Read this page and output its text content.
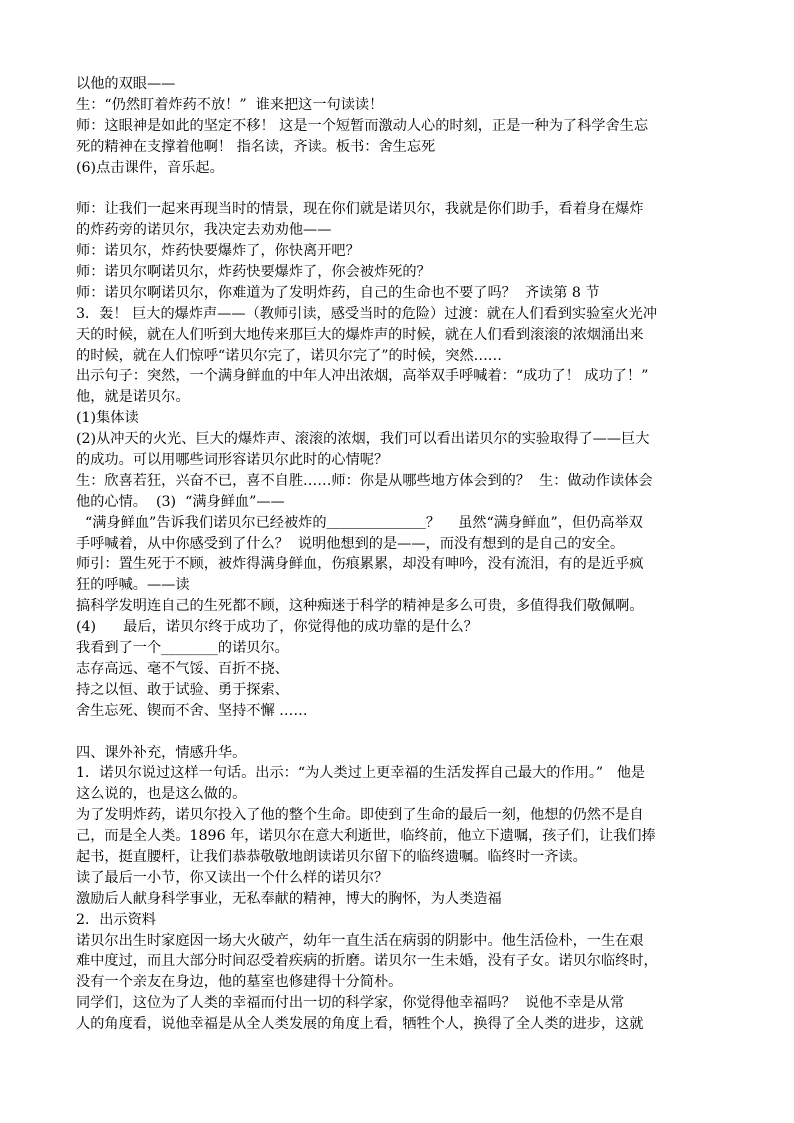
以他的双眼——
生：“仍然盯着炸药不放！”  谁来把这一句读读！
师：这眼神是如此的坚定不移！ 这是一个短暂而激动人心的时刻，正是一种为了科学舍生忘
死的精神在支撑着他啊！ 指名读，齐读。板书：舍生忘死
(6)点击课件，音乐起。
师：让我们一起来再现当时的情景，现在你们就是诺贝尔，我就是你们助手，看着身在爆炸
的炸药旁的诺贝尔，我决定去劝劝他——
师：诺贝尔，炸药快要爆炸了，你快离开吧？
师：诺贝尔啊诺贝尔，炸药快要爆炸了，你会被炸死的？
师：诺贝尔啊诺贝尔，你难道为了发明炸药，自己的生命也不要了吗？  齐读第 8 节
3．轰！ 巨大的爆炸声——（教师引读，感受当时的危险）过渡：就在人们看到实验室火光冲
天的时候，就在人们听到大地传来那巨大的爆炸声的时候，就在人们看到滚滚的浓烟涌出来
的时候，就在人们惊呼“诺贝尔完了，诺贝尔完了”的时候，突然……
出示句子：突然，一个满身鲜血的中年人冲出浓烟，高举双手呼喊着：“成功了！ 成功了！”
他，就是诺贝尔。
(1)集体读
(2)从冲天的火光、巨大的爆炸声、滚滚的浓烟，我们可以看出诺贝尔的实验取得了——巨大
的成功。可以用哪些词形容诺贝尔此时的心情呢？
生：欣喜若狂，兴奋不已，喜不自胜……师：你是从哪些地方体会到的？  生：做动作读体会
他的心情。  (3)  “满身鲜血”——
“满身鲜血”告诉我们诺贝尔已经被炸的＿＿＿＿＿＿＿？    虽然“满身鲜血”，但仍高举双
手呼喊着，从中你感受到了什么？  说明他想到的是——，而没有想到的是自己的安全。
师引：置生死于不顾，被炸得满身鲜血，伤痕累累，却没有呻吟，没有流泪，有的是近乎疯
狂的呼喊。——读
搞科学发明连自己的生死都不顾，这种痴迷于科学的精神是多么可贵，多值得我们敬佩啊。
(4)      最后，诺贝尔终于成功了，你觉得他的成功靠的是什么？
我看到了一个________的诺贝尔。
志存高远、毫不气馁、百折不挠、
持之以恒、敢于试验、勇于探索、
舍生忘死、锲而不舍、坚持不懈 ……
四、课外补充，情感升华。
1．诺贝尔说过这样一句话。出示：“为人类过上更幸福的生活发挥自己最大的作用。”   他是
这么说的，也是这么做的。
为了发明炸药，诺贝尔投入了他的整个生命。即使到了生命的最后一刻，他想的仍然不是自
己，而是全人类。1896 年，诺贝尔在意大利逝世，临终前，他立下遗嘱，孩子们，让我们捧
起书，挺直腰杆，让我们恭恭敬敬地朗读诺贝尔留下的临终遗嘱。临终时一齐读。
读了最后一小节，你又读出一个什么样的诺贝尔？
激励后人献身科学事业，无私奉献的精神，博大的胸怀，为人类造福
2．出示资料
诺贝尔出生时家庭因一场大火破产，幼年一直生活在病弱的阴影中。他生活俭朴，一生在艰
难中度过，而且大部分时间忍受着疾病的折磨。诺贝尔一生未婚，没有子女。诺贝尔临终时，
没有一个亲友在身边，他的墓室也修建得十分简朴。
同学们，这位为了人类的幸福而付出一切的科学家，你觉得他幸福吗？  说他不幸是从常
人的角度看，说他幸福是从全人类发展的角度上看，牺牲个人，换得了全人类的进步，这就
